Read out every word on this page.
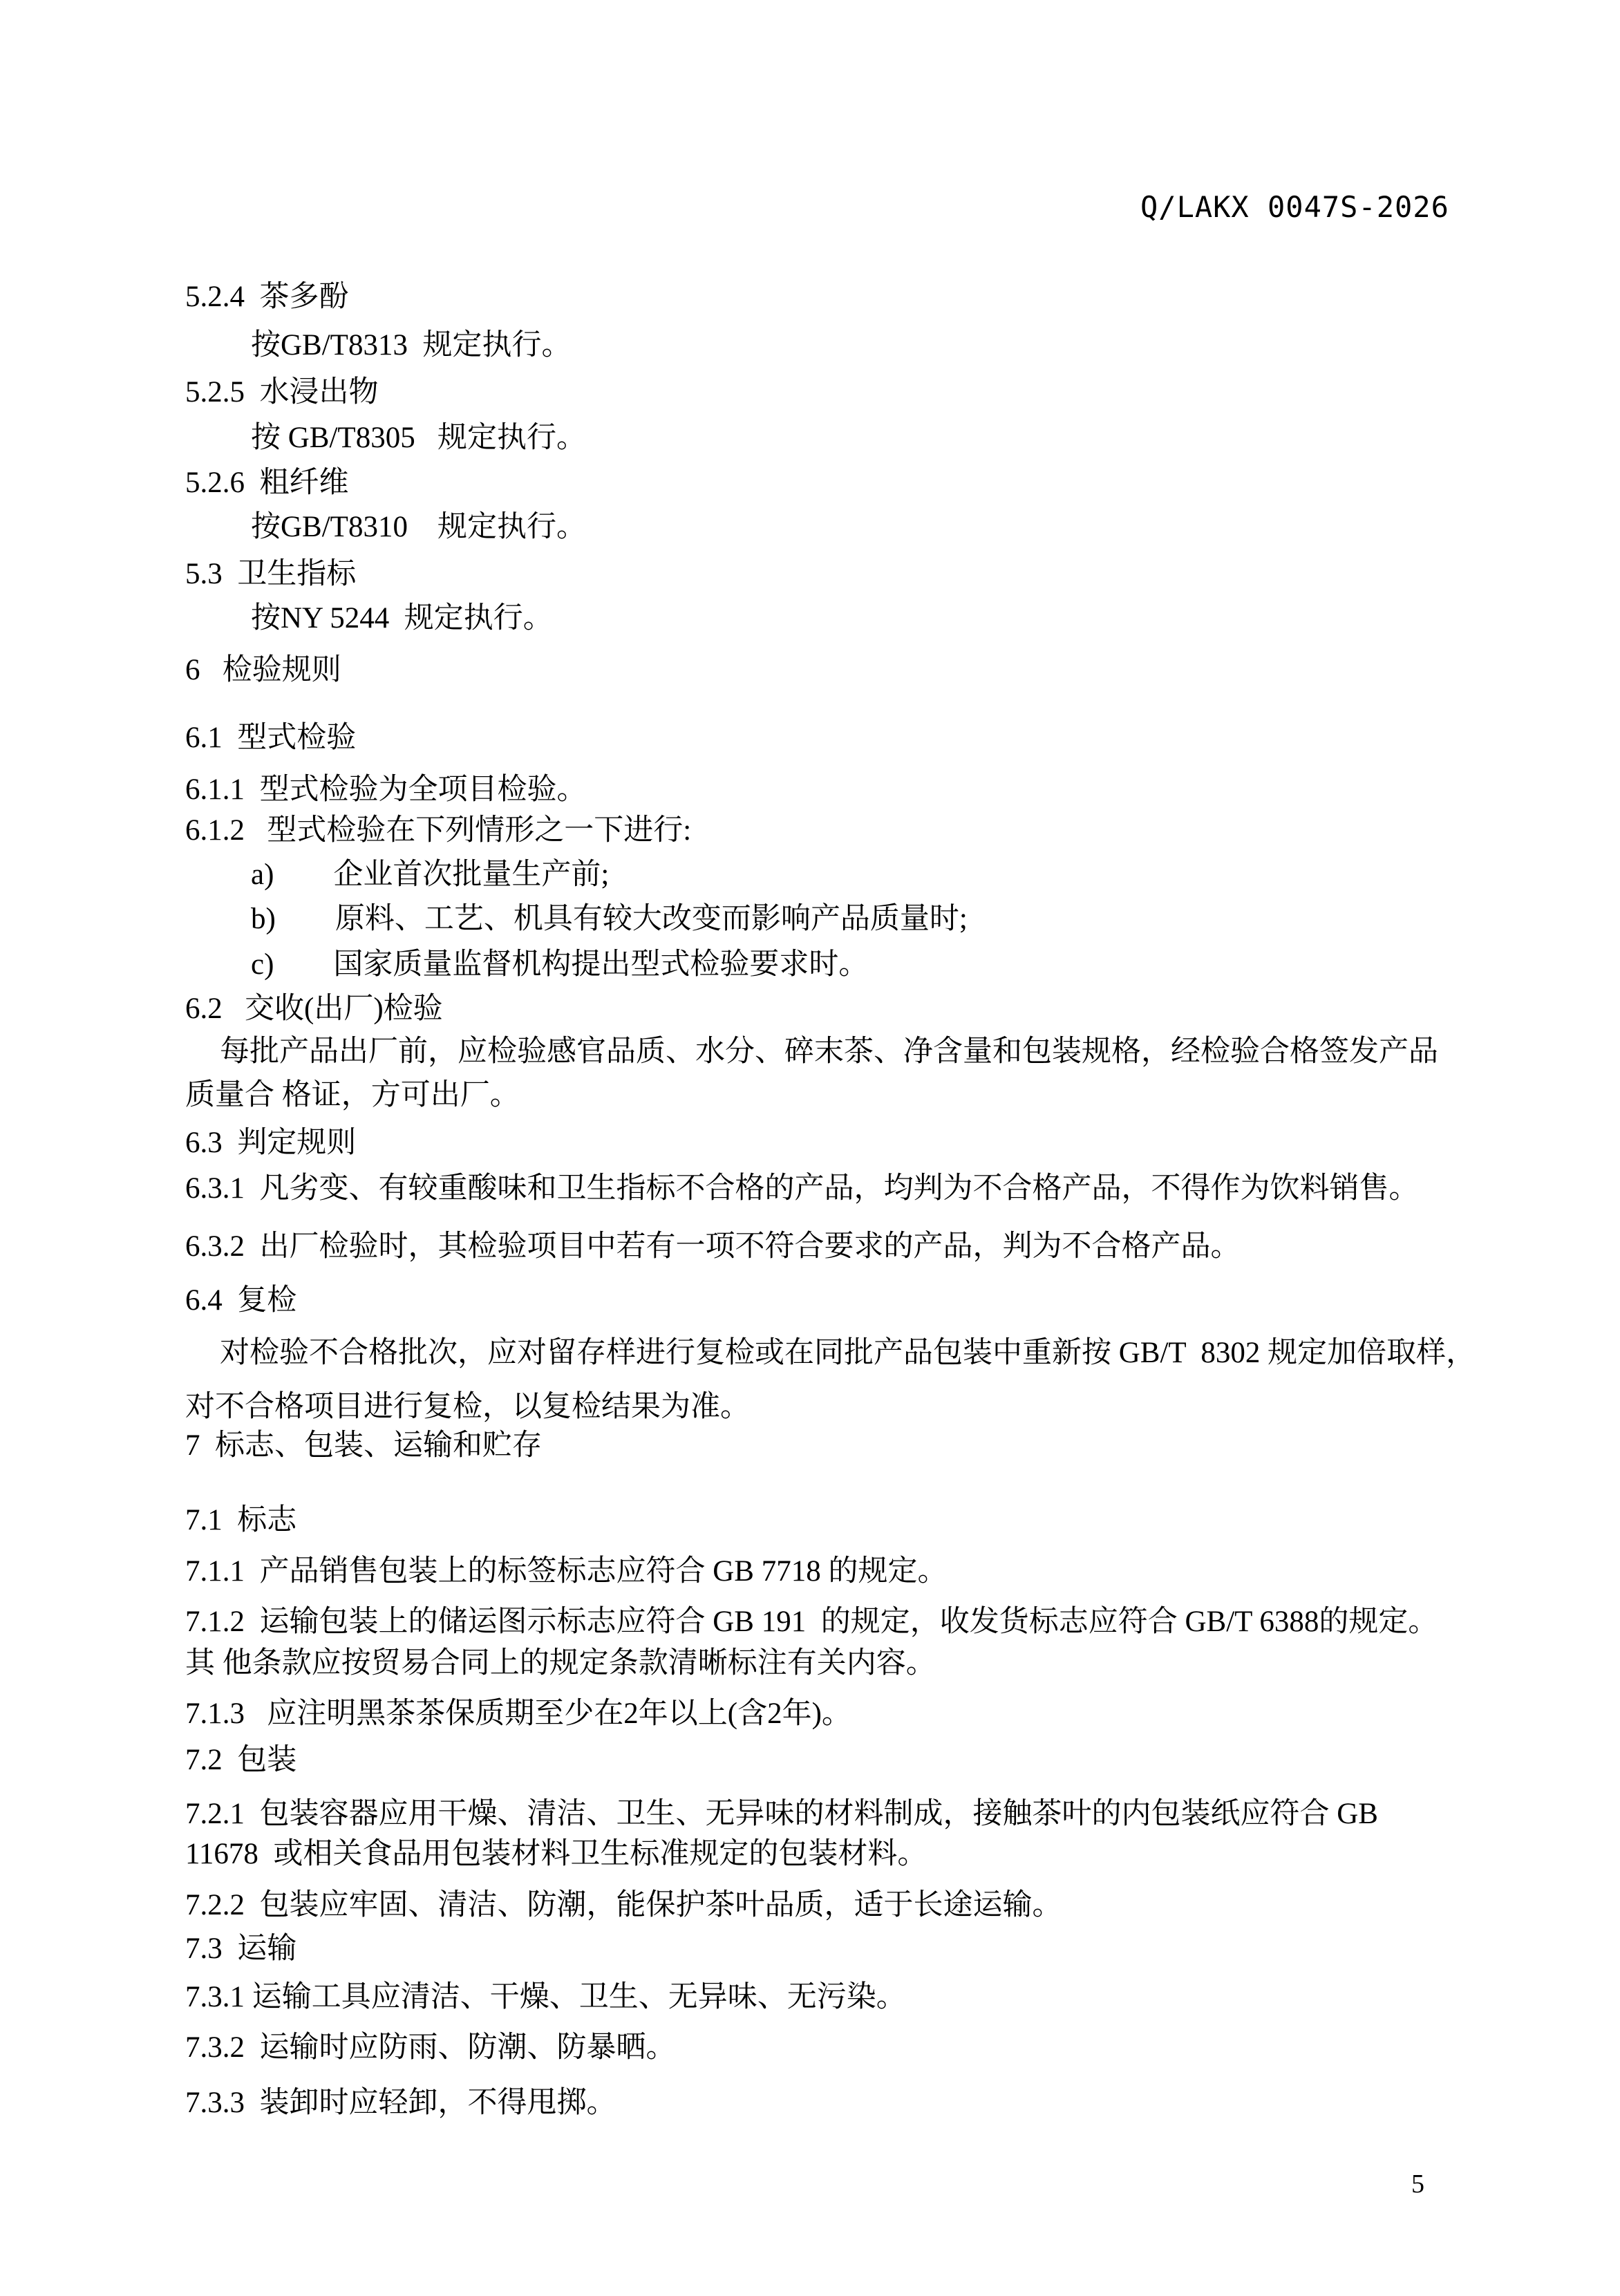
Q/LAKX 0047S-2026
5.2.4  茶多酚
按GB/T8313  规定执行。
5.2.5  水浸出物
按 GB/T8305   规定执行。
5.2.6  粗纤维
按GB/T8310    规定执行。
5.3  卫生指标
按NY 5244  规定执行。
6   检验规则
6.1  型式检验
6.1.1  型式检验为全项目检验。
6.1.2   型式检验在下列情形之一下进行:
a)　　企业首次批量生产前;
b)　　原料、工艺、机具有较大改变而影响产品质量时;
c)　　国家质量监督机构提出型式检验要求时。
6.2   交收(出厂)检验
每批产品出厂前，应检验感官品质、水分、碎末茶、净含量和包装规格，经检验合格签发产品
质量合 格证，方可出厂。
6.3  判定规则
6.3.1  凡劣变、有较重酸味和卫生指标不合格的产品，均判为不合格产品，不得作为饮料销售。
6.3.2  出厂检验时，其检验项目中若有一项不符合要求的产品，判为不合格产品。
6.4  复检
对检验不合格批次，应对留存样进行复检或在同批产品包装中重新按 GB/T  8302 规定加倍取样，
对不合格项目进行复检，以复检结果为准。
7  标志、包装、运输和贮存
7.1  标志
7.1.1  产品销售包装上的标签标志应符合 GB 7718 的规定。
7.1.2  运输包装上的储运图示标志应符合 GB 191  的规定，收发货标志应符合 GB/T 6388的规定。
其 他条款应按贸易合同上的规定条款清晰标注有关内容。
7.1.3   应注明黑茶茶保质期至少在2年以上(含2年)。
7.2  包装
7.2.1  包装容器应用干燥、清洁、卫生、无异味的材料制成，接触茶叶的内包装纸应符合 GB
11678  或相关食品用包装材料卫生标准规定的包装材料。
7.2.2  包装应牢固、清洁、防潮，能保护茶叶品质，适于长途运输。
7.3  运输
7.3.1 运输工具应清洁、干燥、卫生、无异味、无污染。
7.3.2  运输时应防雨、防潮、防暴晒。
7.3.3  装卸时应轻卸，不得甩掷。
5
